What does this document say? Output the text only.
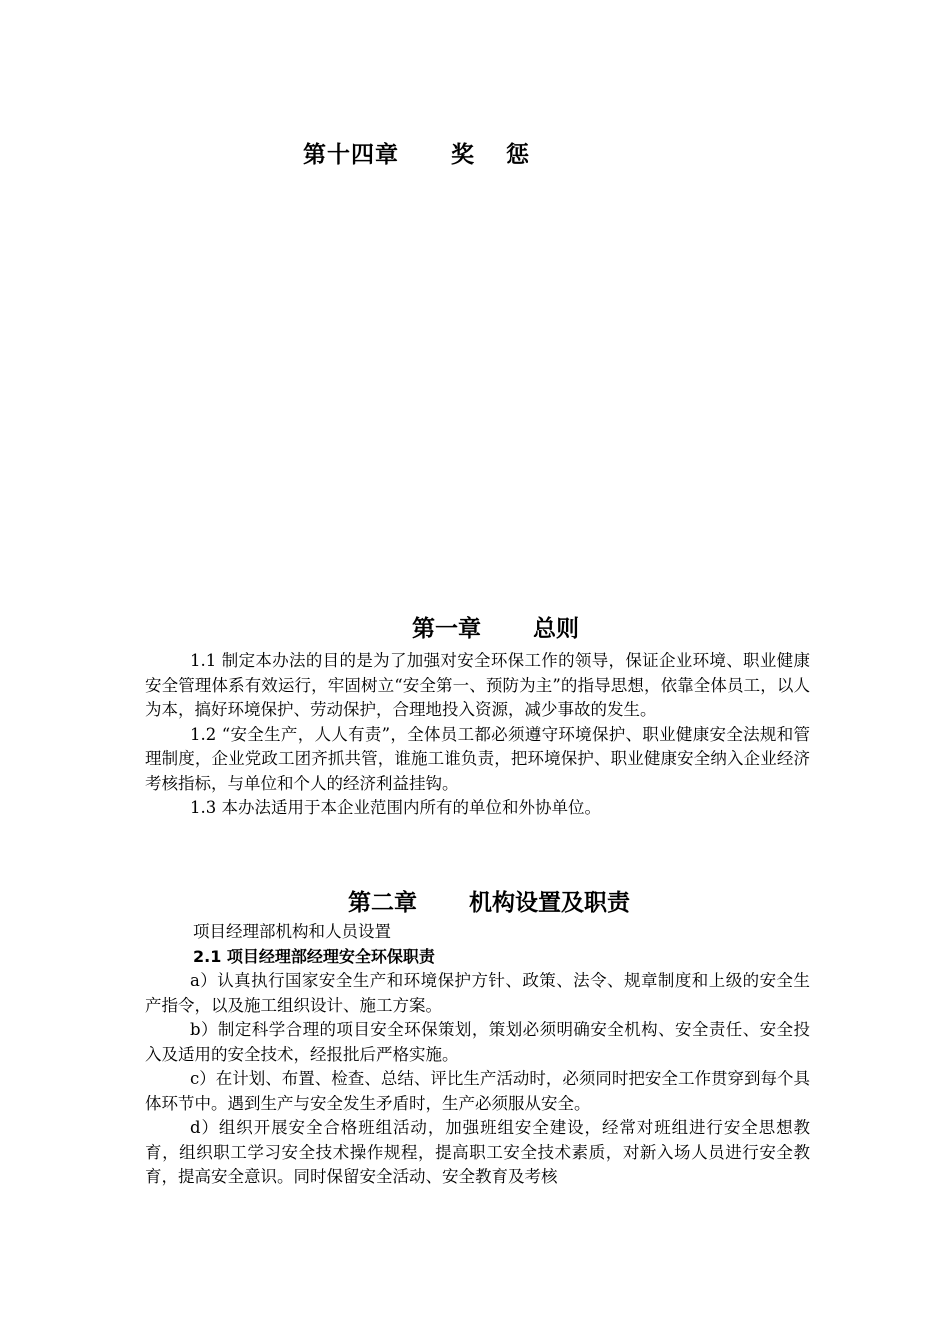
第十四章 奖 惩
第一章 总则

1.1 制定本办法的目的是为了加强对安全环保工作的领导，保证企业环境、职业健康安全管理体系有效运行，牢固树立“安全第一、预防为主”的指导思想，依靠全体员工，以人为本，搞好环境保护、劳动保护，合理地投入资源，减少事故的发生。

1.2 “安全生产，人人有责”，全体员工都必须遵守环境保护、职业健康安全法规和管理制度，企业党政工团齐抓共管，谁施工谁负责，把环境保护、职业健康安全纳入企业经济考核指标，与单位和个人的经济利益挂钩。

1.3 本办法适用于本企业范围内所有的单位和外协单位。

第二章 机构设置及职责

项目经理部机构和人员设置

2.1 项目经理部经理安全环保职责

a）认真执行国家安全生产和环境保护方针、政策、法令、规章制度和上级的安全生产指令，以及施工组织设计、施工方案。

b）制定科学合理的项目安全环保策划，策划必须明确安全机构、安全责任、安全投入及适用的安全技术，经报批后严格实施。

c）在计划、布置、检查、总结、评比生产活动时，必须同时把安全工作贯穿到每个具体环节中。遇到生产与安全发生矛盾时，生产必须服从安全。

d）组织开展安全合格班组活动，加强班组安全建设，经常对班组进行安全思想教育，组织职工学习安全技术操作规程，提高职工安全技术素质，对新入场人员进行安全教育，提高安全意识。同时保留安全活动、安全教育及考核
